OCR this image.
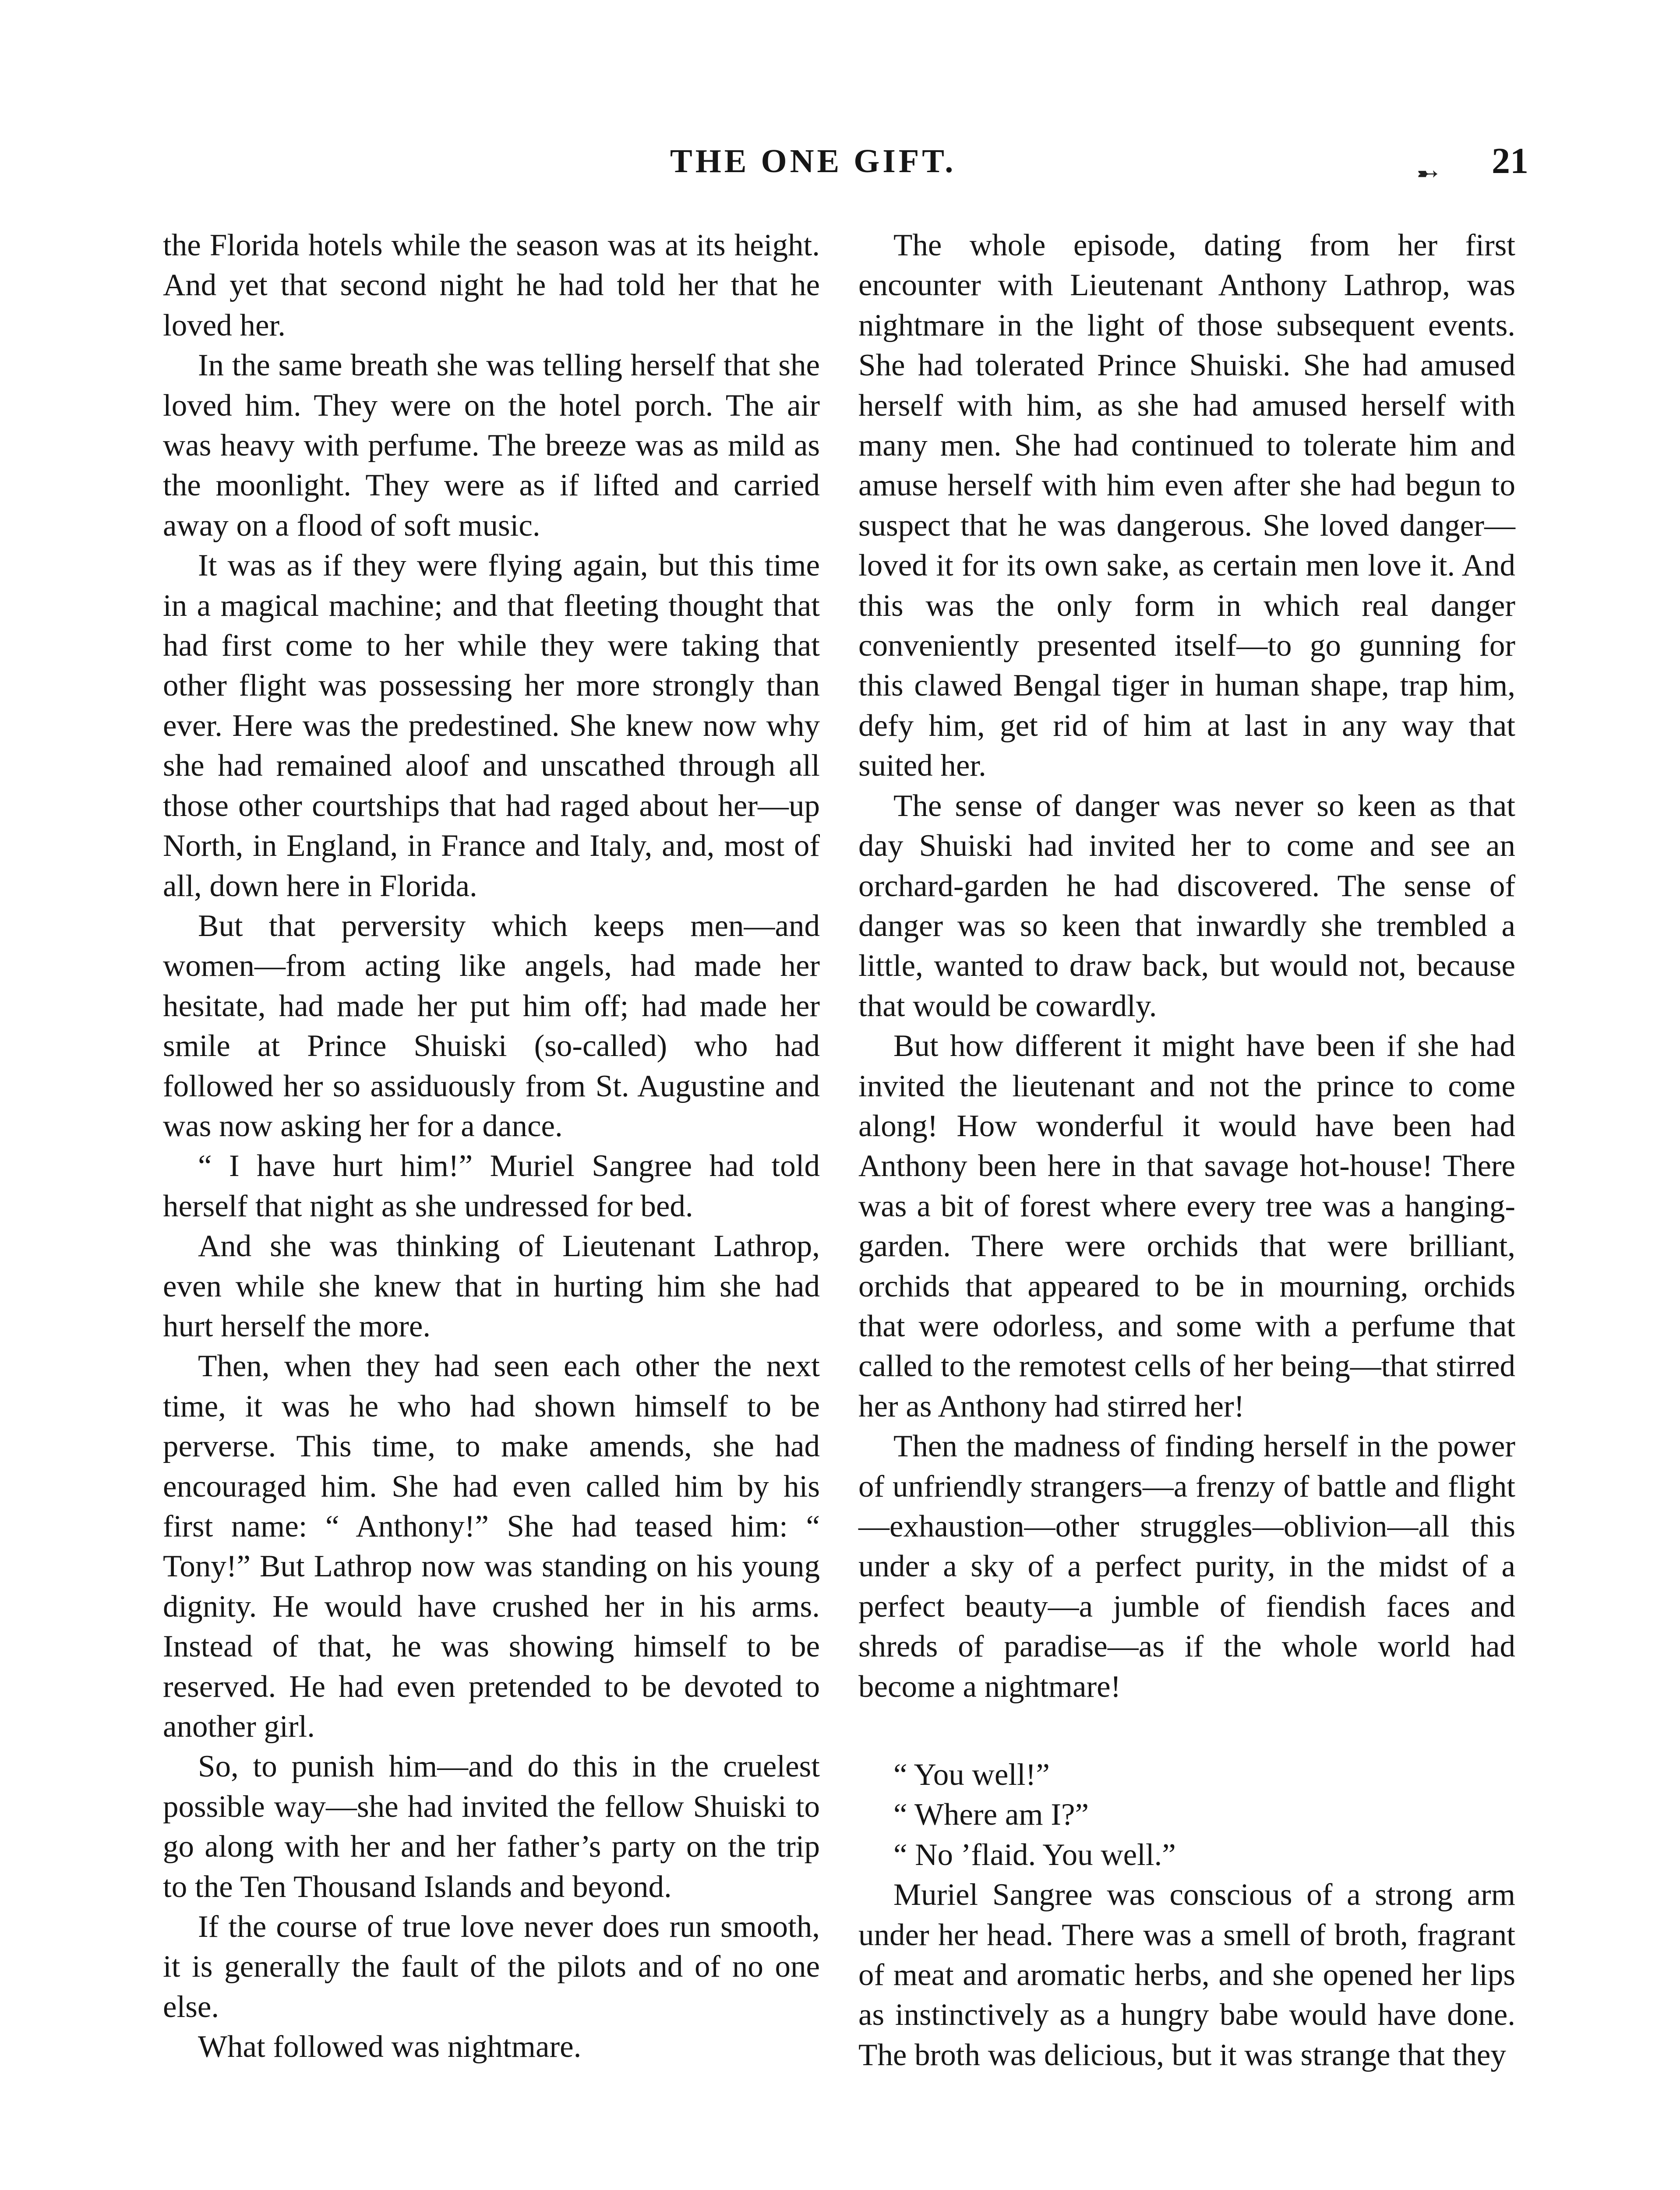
THE ONE GIFT.	➸	21

the Florida hotels while the season was at its height. And yet that second night he had told her that he loved her.

In the same breath she was telling herself that she loved him. They were on the hotel porch. The air was heavy with perfume. The breeze was as mild as the moonlight. They were as if lifted and carried away on a flood of soft music.

It was as if they were flying again, but this time in a magical machine; and that fleeting thought that had first come to her while they were taking that other flight was possessing her more strongly than ever. Here was the predestined. She knew now why she had remained aloof and unscathed through all those other courtships that had raged about her—up North, in England, in France and Italy, and, most of all, down here in Florida.

But that perversity which keeps men—and women—from acting like angels, had made her hesitate, had made her put him off; had made her smile at Prince Shuiski (so-called) who had followed her so assiduously from St. Augustine and was now asking her for a dance.

“ I have hurt him!” Muriel Sangree had told herself that night as she undressed for bed.

And she was thinking of Lieutenant Lathrop, even while she knew that in hurting him she had hurt herself the more.

Then, when they had seen each other the next time, it was he who had shown himself to be perverse. This time, to make amends, she had encouraged him. She had even called him by his first name: “ Anthony!” She had teased him: “ Tony!” But Lathrop now was standing on his young dignity. He would have crushed her in his arms. Instead of that, he was showing himself to be reserved. He had even pretended to be devoted to another girl.

So, to punish him—and do this in the cruelest possible way—she had invited the fellow Shuiski to go along with her and her father’s party on the trip to the Ten Thousand Islands and beyond.

If the course of true love never does run smooth, it is generally the fault of the pilots and of no one else.

What followed was nightmare.

The whole episode, dating from her first encounter with Lieutenant Anthony Lathrop, was nightmare in the light of those subsequent events. She had tolerated Prince Shuiski. She had amused herself with him, as she had amused herself with many men. She had continued to tolerate him and amuse herself with him even after she had begun to suspect that he was dangerous. She loved danger—loved it for its own sake, as certain men love it. And this was the only form in which real danger conveniently presented itself—to go gunning for this clawed Bengal tiger in human shape, trap him, defy him, get rid of him at last in any way that suited her.

The sense of danger was never so keen as that day Shuiski had invited her to come and see an orchard-garden he had discovered. The sense of danger was so keen that inwardly she trembled a little, wanted to draw back, but would not, because that would be cowardly.

But how different it might have been if she had invited the lieutenant and not the prince to come along! How wonderful it would have been had Anthony been here in that savage hot-house! There was a bit of forest where every tree was a hanging-garden. There were orchids that were brilliant, orchids that appeared to be in mourning, orchids that were odorless, and some with a perfume that called to the remotest cells of her being—that stirred her as Anthony had stirred her!

Then the madness of finding herself in the power of unfriendly strangers—a frenzy of battle and flight—exhaustion—other struggles—oblivion—all this under a sky of a perfect purity, in the midst of a perfect beauty—a jumble of fiendish faces and shreds of paradise—as if the whole world had become a nightmare!

“ You well!”

“ Where am I?”

“ No ’flaid. You well.”

Muriel Sangree was conscious of a strong arm under her head. There was a smell of broth, fragrant of meat and aromatic herbs, and she opened her lips as instinctively as a hungry babe would have done. The broth was delicious, but it was strange that they
